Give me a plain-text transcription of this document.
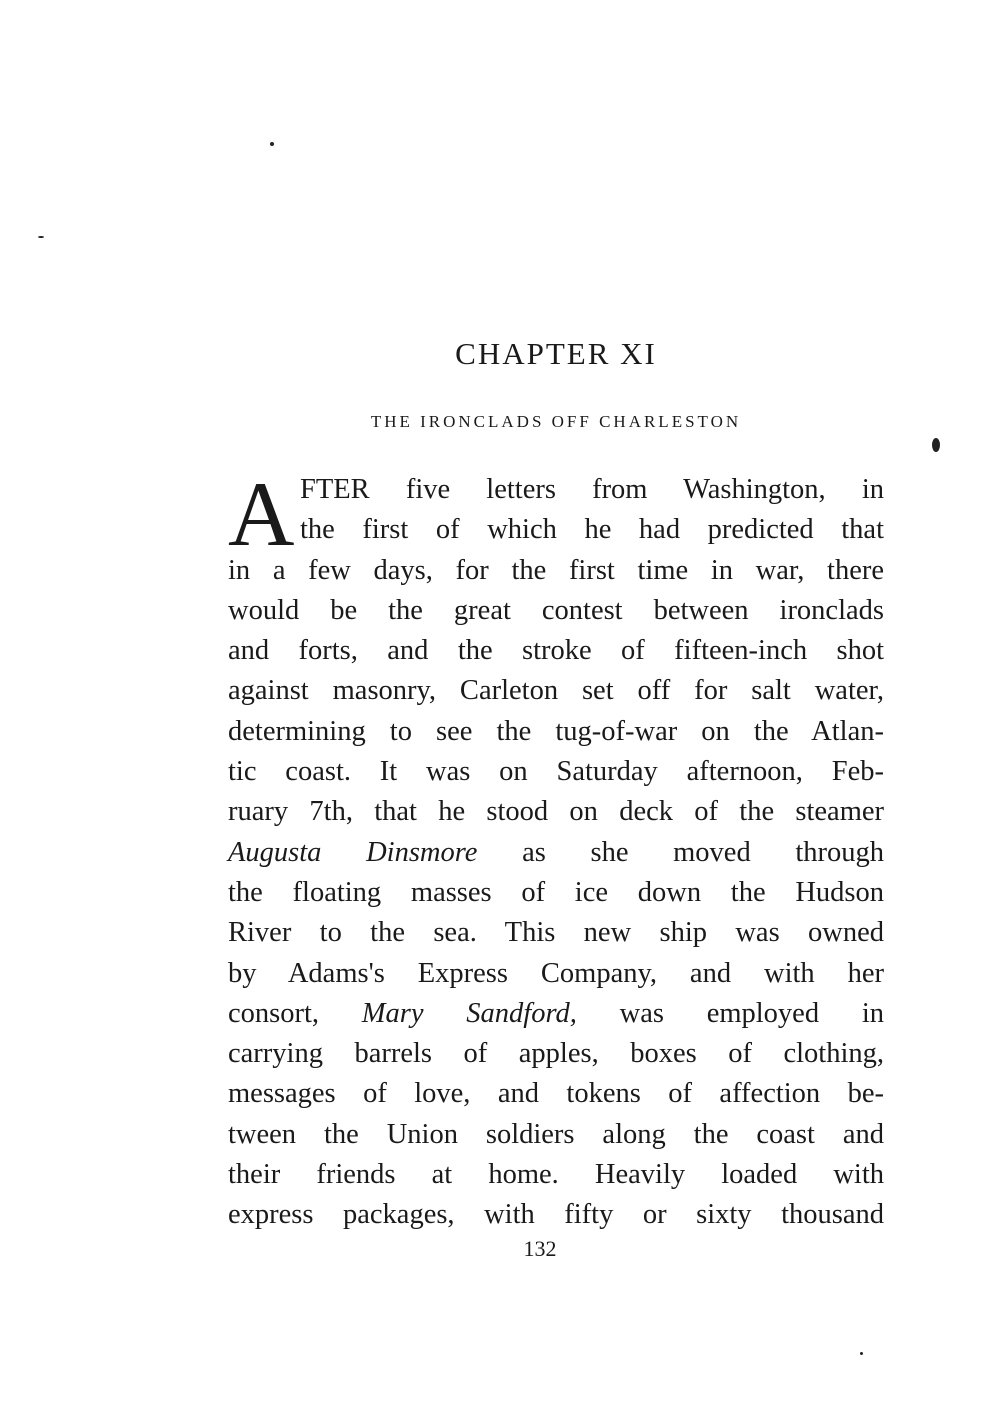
CHAPTER XI
THE IRONCLADS OFF CHARLESTON
A FTER five letters from Washington, in
the first of which he had predicted that
in a few days, for the first time in war, there
would be the great contest between ironclads
and forts, and the stroke of fifteen-inch shot
against masonry, Carleton set off for salt water,
determining to see the tug-of-war on the Atlan-
tic coast. It was on Saturday afternoon, Feb-
ruary 7th, that he stood on deck of the steamer
Augusta Dinsmore as she moved through
the floating masses of ice down the Hudson
River to the sea. This new ship was owned
by Adams's Express Company, and with her
consort, Mary Sandford, was employed in
carrying barrels of apples, boxes of clothing,
messages of love, and tokens of affection be-
tween the Union soldiers along the coast and
their friends at home. Heavily loaded with
express packages, with fifty or sixty thousand

132
